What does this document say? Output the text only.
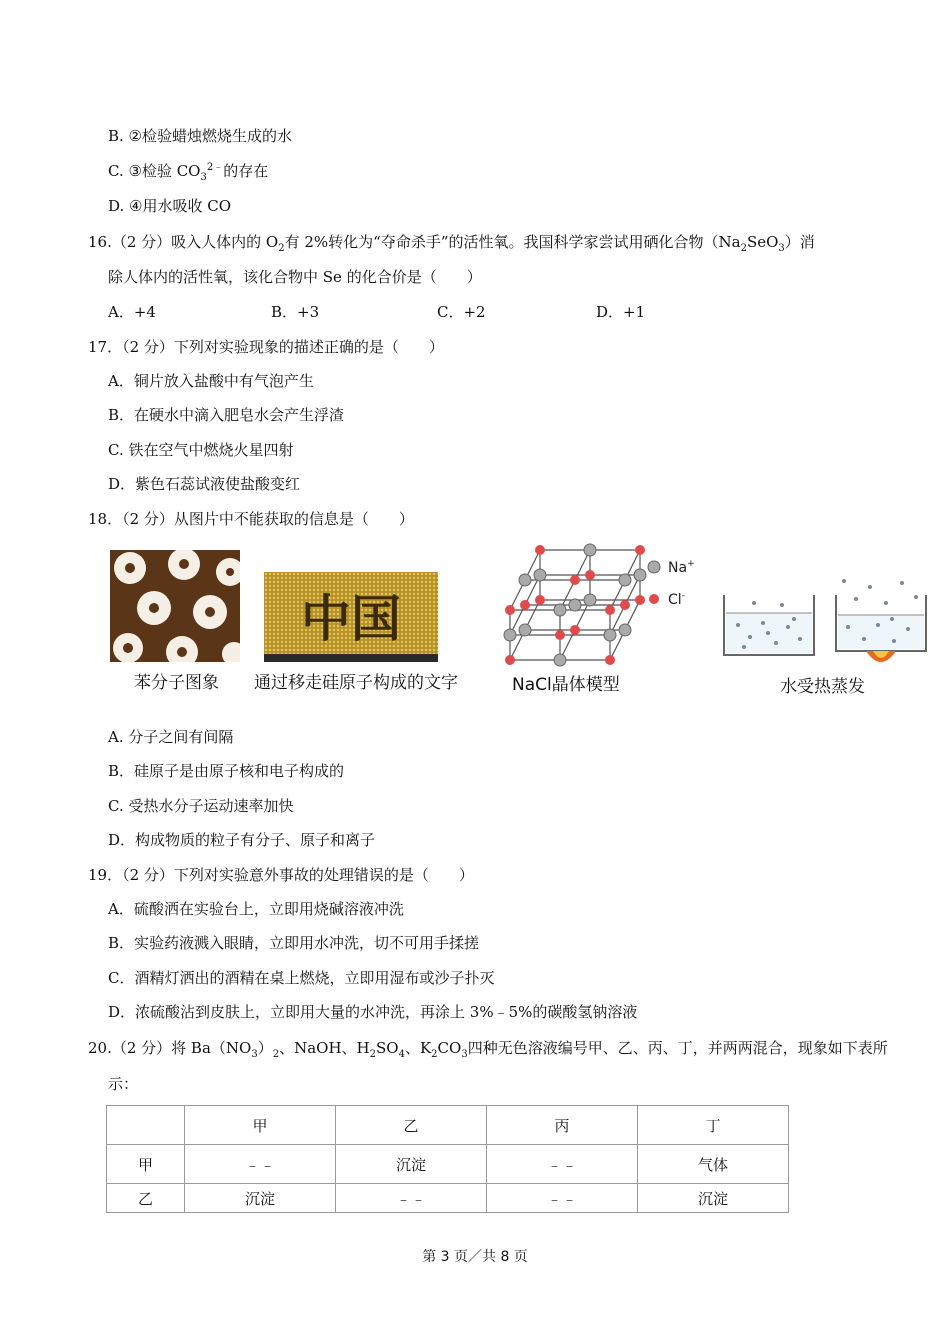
B. ②检验蜡烛燃烧生成的水
C. ③检验 $CO_3^{2﹣}$的存在
D. ④用水吸收 CO
16.（2 分）吸入人体内的 $O_2$有 2%转化为“夺命杀手”的活性氧。我国科学家尝试用硒化合物$(Na_2SeO_3)$消
除人体内的活性氧，该化合物中 Se 的化合价是（　　）
A．+4	B．+3	C．+2	D．+1
17．（2 分）下列对实验现象的描述正确的是（　　）
A．铜片放入盐酸中有气泡产生
B．在硬水中滴入肥皂水会产生浮渣
C. 铁在空气中燃烧火星四射
D．紫色石蕊试液使盐酸变红
18．（2 分）从图片中不能获取的信息是（　　）
苯分子图象
中国
通过移走硅原子构成的文字
Na+
Cl-
NaCl晶体模型	水受热蒸发
A. 分子之间有间隔
B．硅原子是由原子核和电子构成的
C. 受热水分子运动速率加快
D．构成物质的粒子有分子、原子和离子
19．（2 分）下列对实验意外事故的处理错误的是（　　）
A．硫酸洒在实验台上，立即用烧碱溶液冲洗
B．实验药液溅入眼睛，立即用水冲洗，切不可用手揉搓
C．酒精灯洒出的酒精在桌上燃烧，立即用湿布或沙子扑灭
D．浓硫酸沾到皮肤上，立即用大量的水冲洗，再涂上 3%﹣5%的碳酸氢钠溶液
20.（2 分）将 $Ba(NO_3)_2$、NaOH、$H_2SO_4$、$K_2CO_3$四种无色溶液编号甲、乙、丙、丁，并两两混合，现象如下表所
示：
	甲	乙	丙	丁
甲	﹣﹣	沉淀	﹣﹣	气体
乙	沉淀	﹣﹣	﹣﹣	沉淀
第 3 页／共 8 页
